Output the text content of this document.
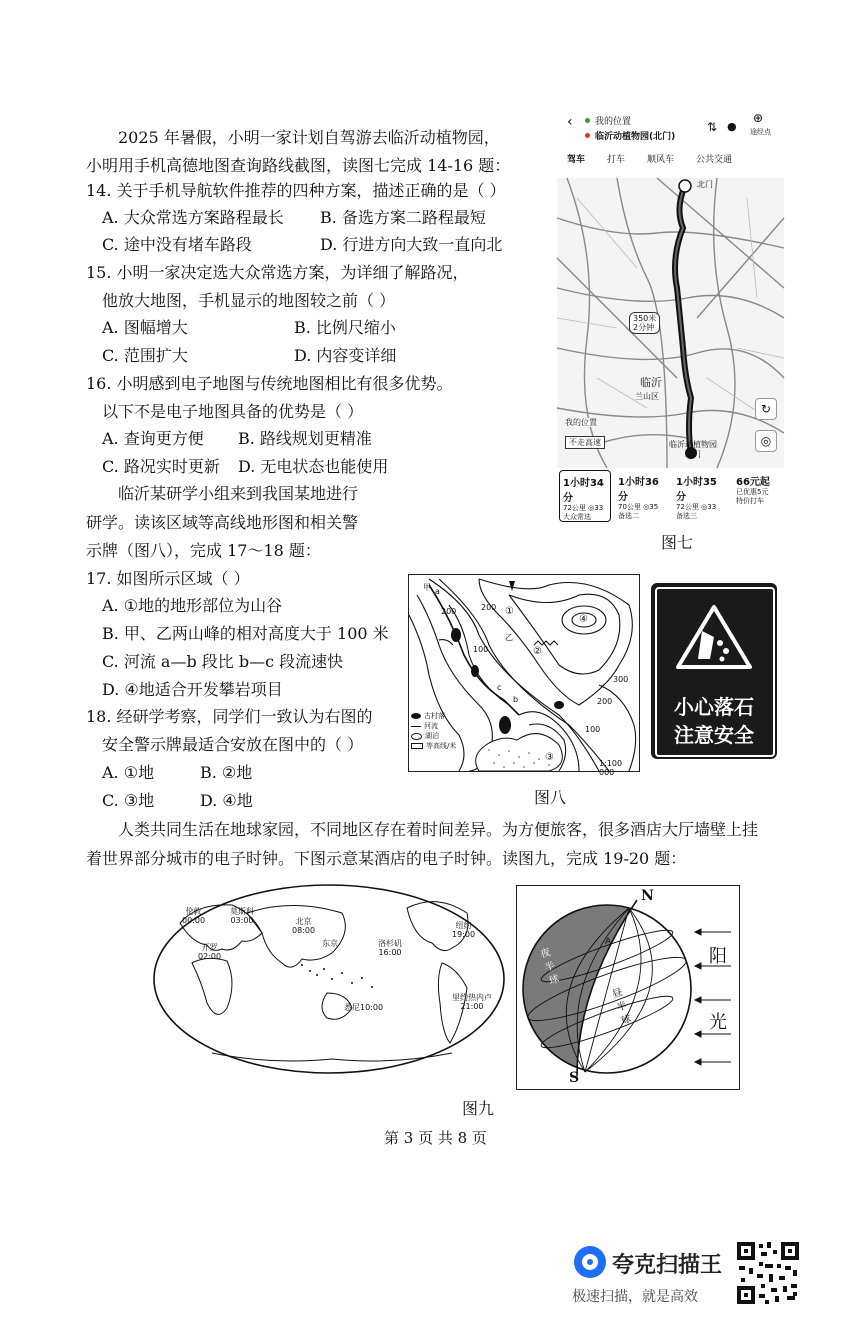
2025 年暑假，小明一家计划自驾游去临沂动植物园，
小明用手机高德地图查询路线截图，读图七完成 14-16 题：
14. 关于手机导航软件推荐的四种方案，描述正确的是（ ）
A. 大众常选方案路程最长 B. 备选方案二路程最短
C. 途中没有堵车路段	D. 行进方向大致一直向北
15. 小明一家决定选大众常选方案，为详细了解路况，
他放大地图，手机显示的地图较之前（ ）
A. 图幅增大	B. 比例尺缩小
C. 范围扩大	D. 内容变详细
16. 小明感到电子地图与传统地图相比有很多优势。
以下不是电子地图具备的优势是（ ）
A. 查询更方便 B. 路线规划更精准
C. 路况实时更新 D. 无电状态也能使用
临沂某研学小组来到我国某地进行
研学。读该区域等高线地形图和相关警
示牌（图八），完成 17～18 题：
17. 如图所示区域（ ）
A. ①地的地形部位为山谷
B. 甲、乙两山峰的相对高度大于 100 米
C. 河流 a—b 段比 b—c 段流速快
D. ④地适合开发攀岩项目
18. 经研学考察，同学们一致认为右图的
安全警示牌最适合安放在图中的（ ）
A. ①地	B. ②地
C. ③地	D. ④地
人类共同生活在地球家园，不同地区存在着时间差异。为方便旅客，很多酒店大厅墙壁上挂
着世界部分城市的电子时钟。下图示意某酒店的电子时钟。读图九，完成 19-20 题：
‹ 我的位置
临沂动植物园(北门)
⇅ ●
⊕
途经点
驾车 打车 顺风车 公共交通
北门
350米
2分钟
临沂
兰山区
我的位置
不走高速	临沂动植物园
北门
↻
◎
1小时34分
72公里 ◎33
大众常选
1小时36分
70公里 ◎35
备选二
1小时35分
72公里 ◎33
备选三
66元起
已优惠5元
特价打车
图七
甲
乙
200
100
200
300
200
100
①
②
③
④
a
b
c
古村落
河流
湖泊
等高线/米
1:100 000
小心落石
注意安全
图八
伦敦
00:00
莫斯科
03:00
开罗
02:00
北京
08:00
东京
悉尼10:00
洛杉矶
16:00
纽约
19:00
里约热内卢
21:00
N
S
A
夜半球
昼半球
阳
光
图九
第 3 页 共 8 页
夸克扫描王
极速扫描，就是高效
